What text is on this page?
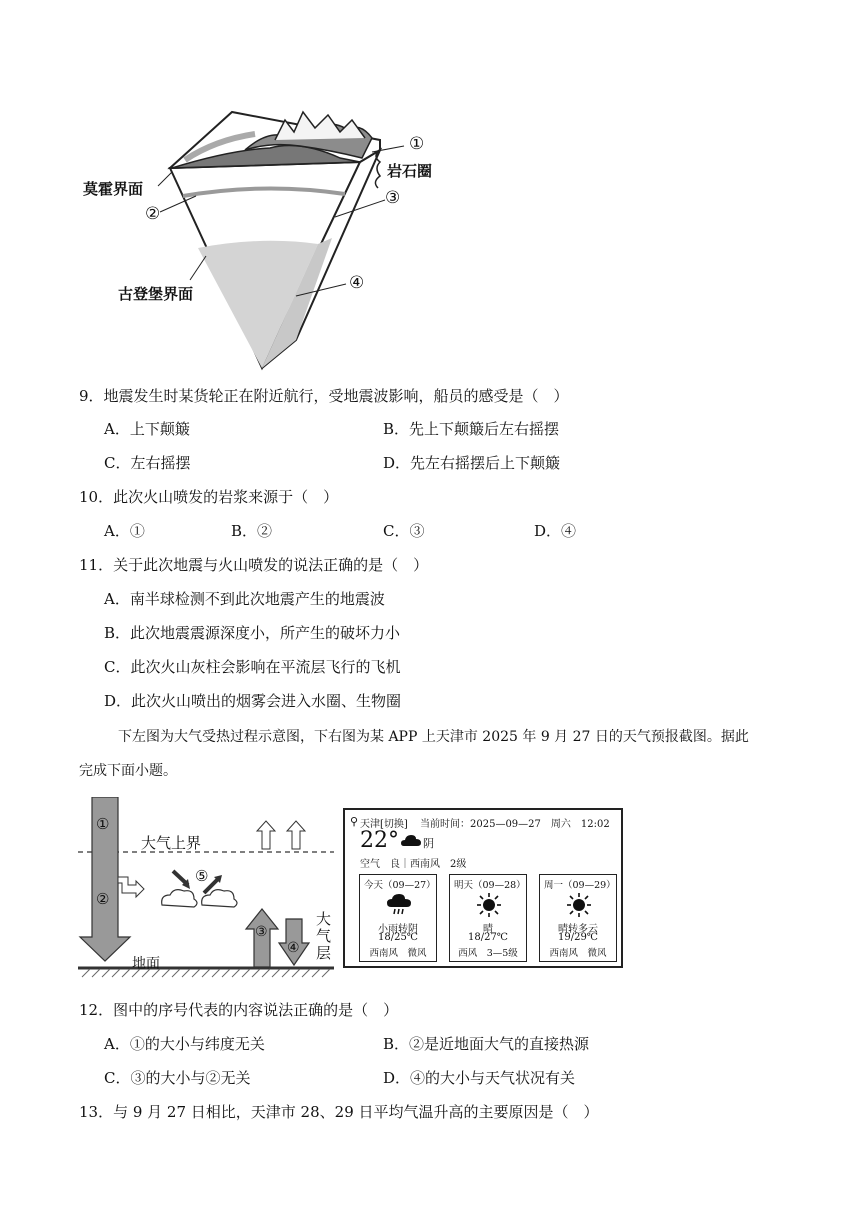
莫霍界面
古登堡界面
岩石圈
①
②
③
④
9．地震发生时某货轮正在附近航行，受地震波影响，船员的感受是（　）
A．上下颠簸	B．先上下颠簸后左右摇摆
C．左右摇摆	D．先左右摇摆后上下颠簸
10．此次火山喷发的岩浆来源于（　）
A．①	B．②	C．③	D．④
11．关于此次地震与火山喷发的说法正确的是（　）
A．南半球检测不到此次地震产生的地震波
B．此次地震震源深度小，所产生的破坏力小
C．此次火山灰柱会影响在平流层飞行的飞机
D．此次火山喷出的烟雾会进入水圈、生物圈
下左图为大气受热过程示意图，下右图为某 APP 上天津市 2025 年 9 月 27 日的天气预报截图。据此
完成下面小题。
大气上界
地面
大
气
层
①
②
③
④
⑤
⚲ 天津[切换] 当前时间：2025—09—27　周六　12:02
22° 阴
空气　良｜西南风　2级
今天（09—27）
小雨转阴
18/25℃
西南风　微风
明天（09—28）
晴
18/27℃
西风　3—5级
周一（09—29）
晴转多云
19/29℃
西南风　微风
12．图中的序号代表的内容说法正确的是（　）
A．①的大小与纬度无关	B．②是近地面大气的直接热源
C．③的大小与②无关	D．④的大小与天气状况有关
13．与 9 月 27 日相比，天津市 28、29 日平均气温升高的主要原因是（　）
